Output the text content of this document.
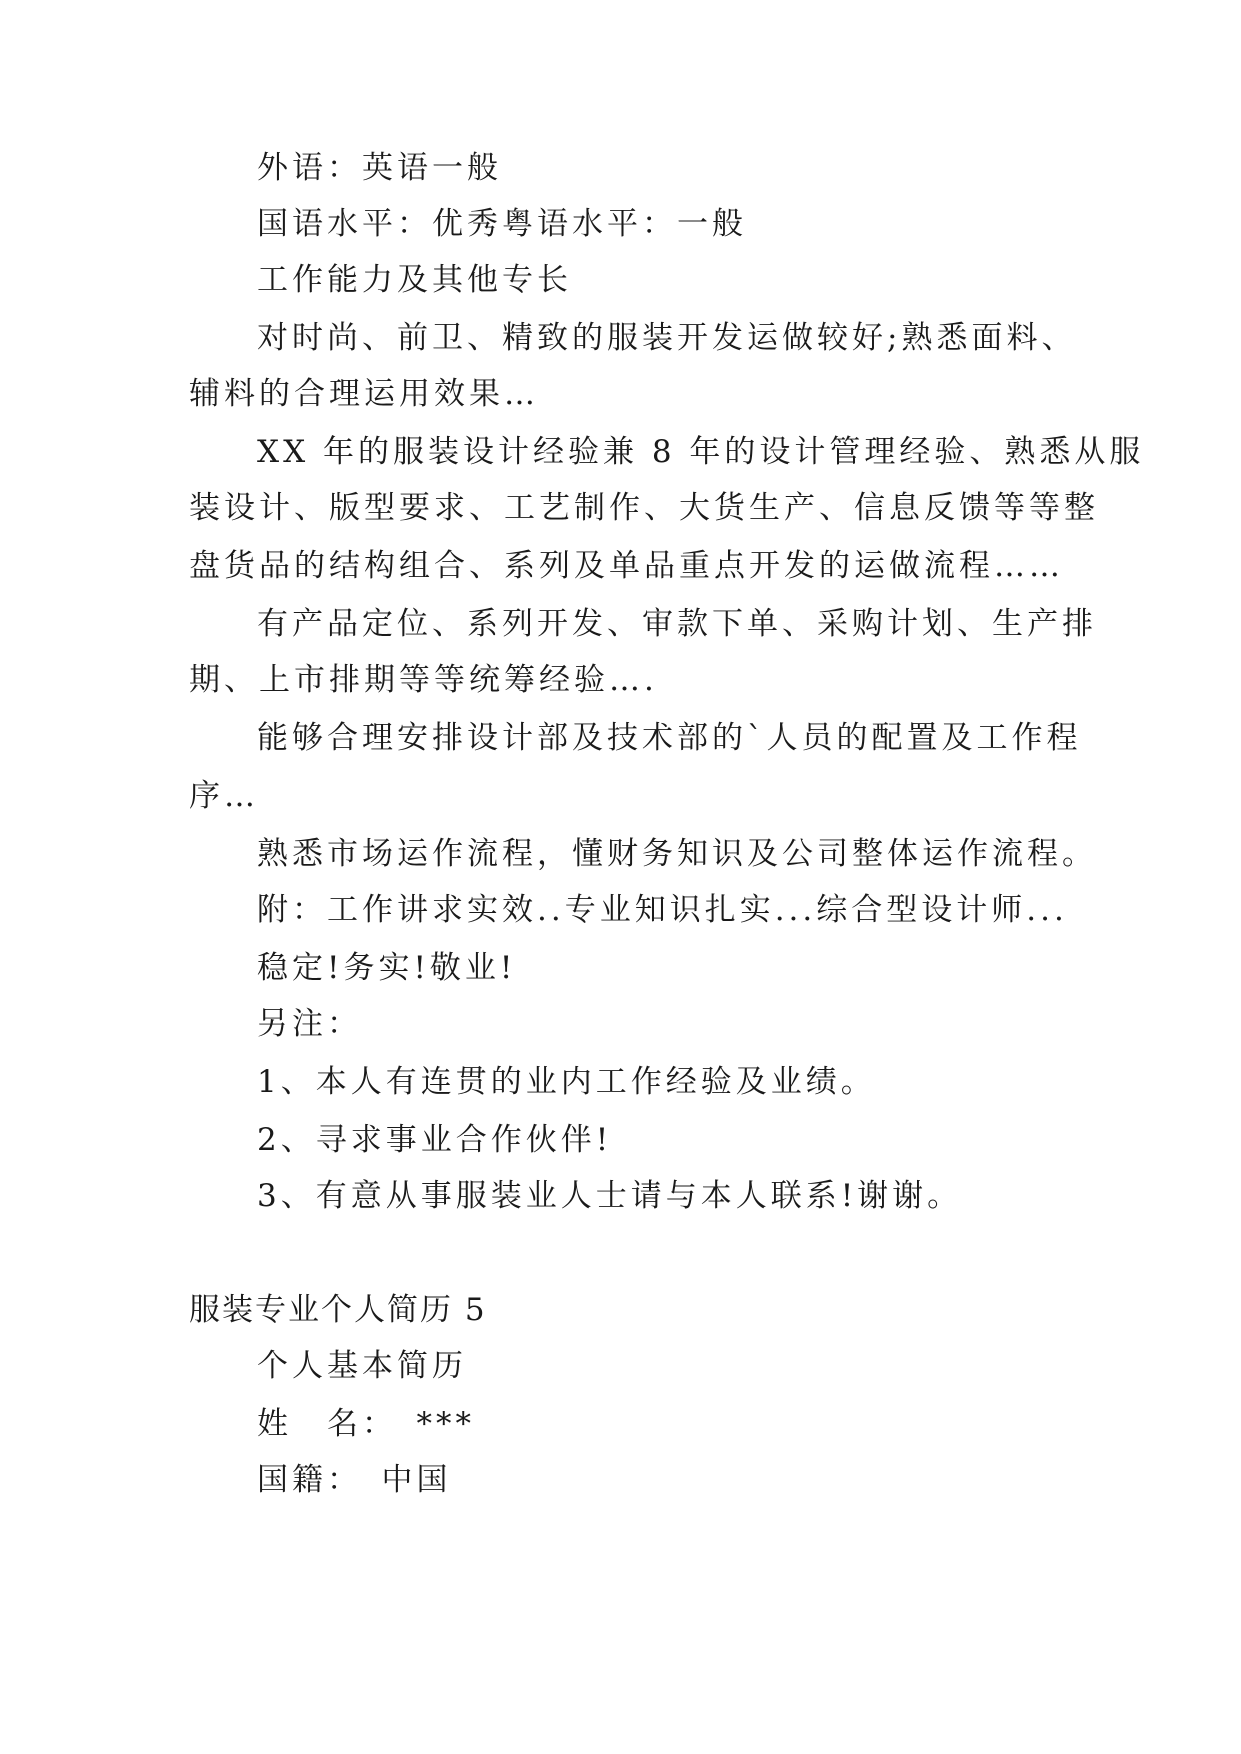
外语：英语一般
国语水平：优秀粤语水平：一般
工作能力及其他专长
对时尚、前卫、精致的服装开发运做较好;熟悉面料、
辅料的合理运用效果…
XX 年的服装设计经验兼 8 年的设计管理经验、熟悉从服
装设计、版型要求、工艺制作、大货生产、信息反馈等等整
盘货品的结构组合、系列及单品重点开发的运做流程……
有产品定位、系列开发、审款下单、采购计划、生产排
期、上市排期等等统筹经验….
能够合理安排设计部及技术部的`人员的配置及工作程
序…
熟悉市场运作流程，懂财务知识及公司整体运作流程。
附：工作讲求实效..专业知识扎实...综合型设计师...
稳定!务实!敬业!
另注：
1、本人有连贯的业内工作经验及业绩。
2、寻求事业合作伙伴!
3、有意从事服装业人士请与本人联系!谢谢。
服装专业个人简历 5
个人基本简历
姓　名：　***
国籍：　中国
